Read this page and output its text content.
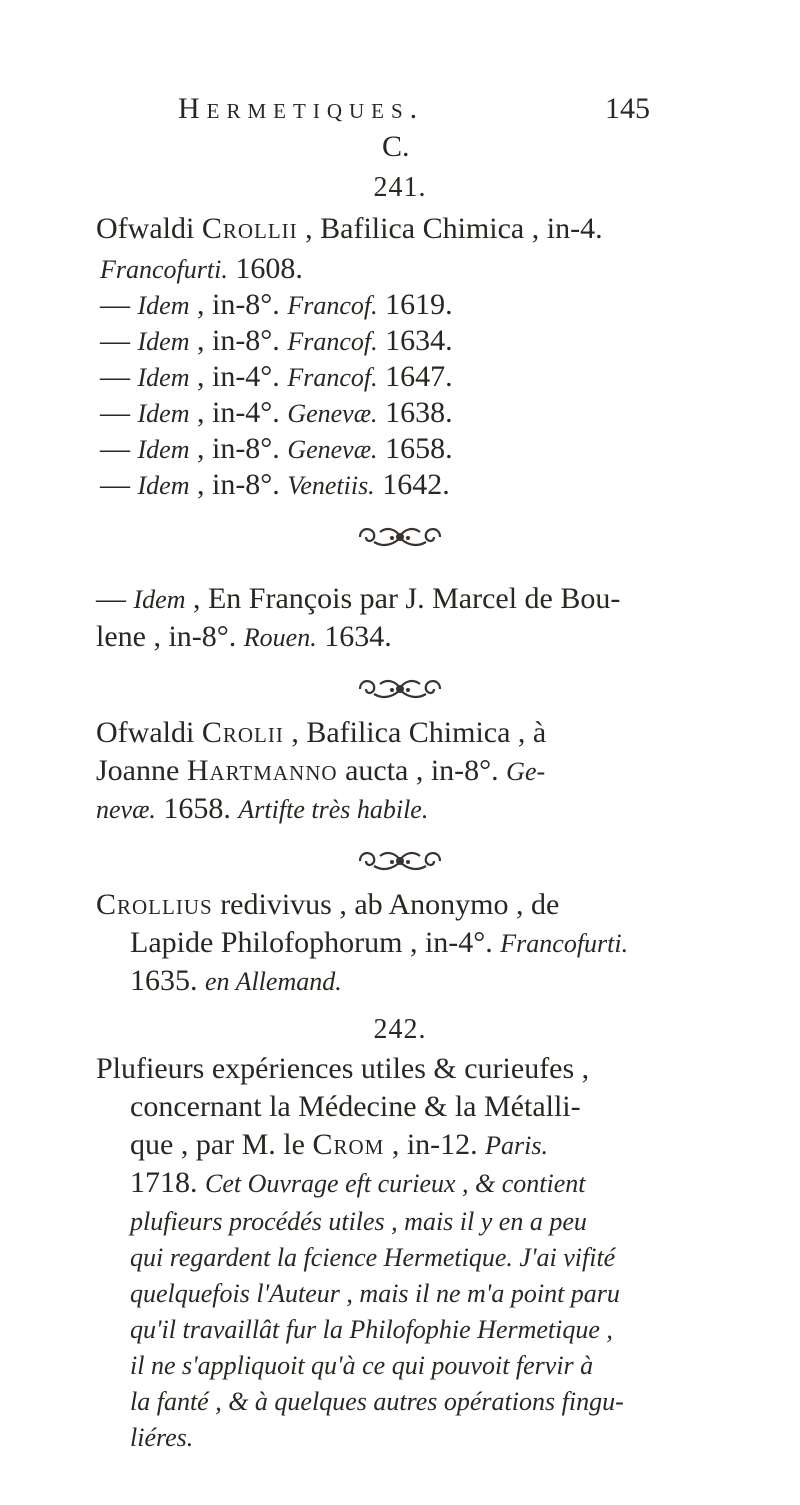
Hermetiques.	145
C.
241.
Ofwaldi Crollii , Bafilica Chimica , in-4.
Francofurti. 1608.
— Idem , in-8°. Francof. 1619.
— Idem , in-8°. Francof. 1634.
— Idem , in-4°. Francof. 1647.
— Idem , in-4°. Genevæ. 1638.
— Idem , in-8°. Genevæ. 1658.
— Idem , in-8°. Venetiis. 1642.
— Idem , En François par J. Marcel de Bou-
lene , in-8°. Rouen. 1634.
Ofwaldi Crolii , Bafilica Chimica , à
Joanne Hartmanno aucta , in-8°. Ge-
nevæ. 1658. Artifte très habile.
Crollius redivivus , ab Anonymo , de
Lapide Philofophorum , in-4°. Francofurti.
1635. en Allemand.
242.
Plufieurs expériences utiles & curieufes ,
concernant la Médecine & la Métalli-
que , par M. le Crom , in-12. Paris.
1718. Cet Ouvrage eft curieux , & contient
plufieurs procédés utiles , mais il y en a peu
qui regardent la fcience Hermetique. J'ai vifité
quelquefois l'Auteur , mais il ne m'a point paru
qu'il travaillât fur la Philofophie Hermetique ,
il ne s'appliquoit qu'à ce qui pouvoit fervir à
la fanté , & à quelques autres opérations fingu-
liéres.
